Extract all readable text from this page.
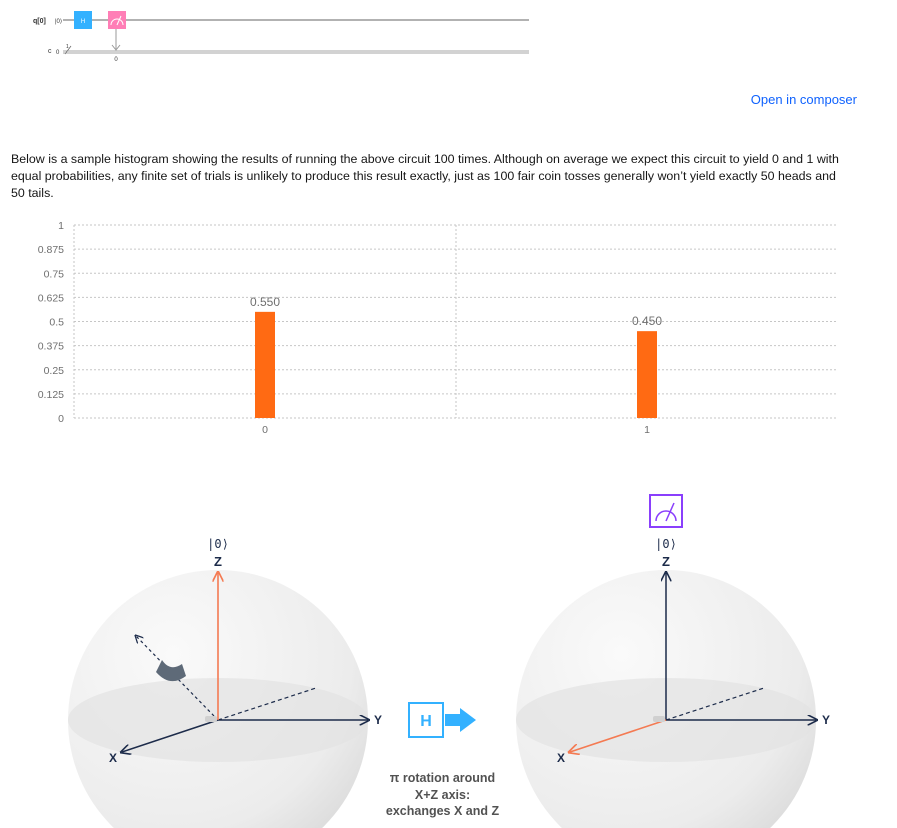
q[0] |0⟩
c 0
1
H
0
Open in composer

Below is a sample histogram showing the results of running the above circuit 100 times. Although on average we expect this circuit to yield 0 and 1 with equal probabilities, any finite set of trials is unlikely to produce this result exactly, just as 100 fair coin tosses generally won’t yield exactly 50 heads and 50 tails.

0
0.125
0.25
0.375
0.5
0.625
0.75
0.875
1
0.550
0
0.450
1
|0⟩
Z
Y
X
H
|0⟩
Z
Y
X
π rotation around
X+Z axis:
exchanges X and Z
